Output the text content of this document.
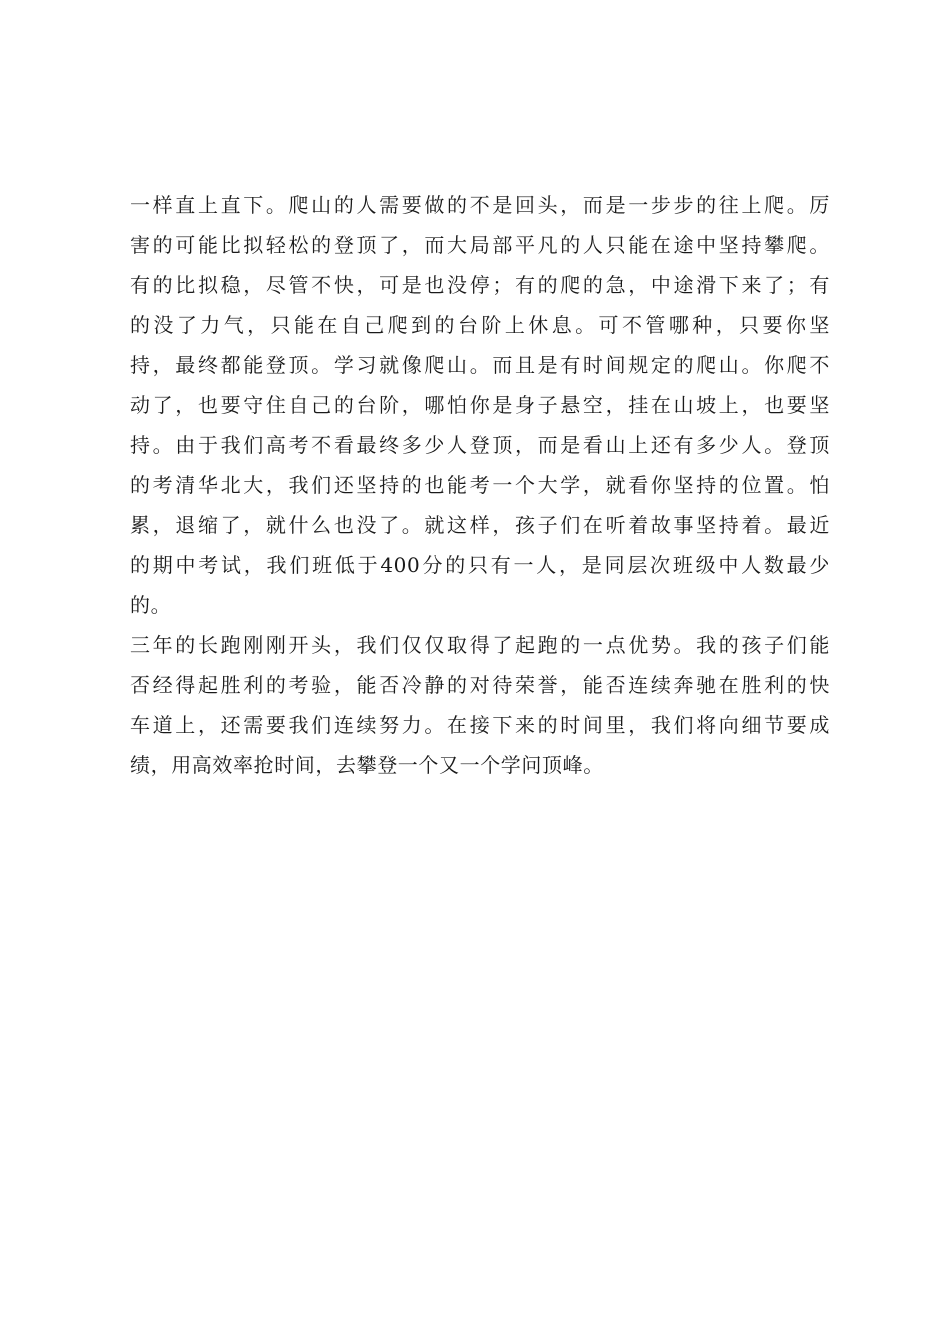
一样直上直下。爬山的人需要做的不是回头，而是一步步的往上爬。厉
害的可能比拟轻松的登顶了，而大局部平凡的人只能在途中坚持攀爬。
有的比拟稳，尽管不快，可是也没停；有的爬的急，中途滑下来了；有
的没了力气，只能在自己爬到的台阶上休息。可不管哪种，只要你坚
持，最终都能登顶。学习就像爬山。而且是有时间规定的爬山。你爬不
动了，也要守住自己的台阶，哪怕你是身子悬空，挂在山坡上，也要坚
持。由于我们高考不看最终多少人登顶，而是看山上还有多少人。登顶
的考清华北大，我们还坚持的也能考一个大学，就看你坚持的位置。怕
累，退缩了，就什么也没了。就这样，孩子们在听着故事坚持着。最近
的期中考试，我们班低于400分的只有一人，是同层次班级中人数最少
的。
三年的长跑刚刚开头，我们仅仅取得了起跑的一点优势。我的孩子们能
否经得起胜利的考验，能否冷静的对待荣誉，能否连续奔驰在胜利的快
车道上，还需要我们连续努力。在接下来的时间里，我们将向细节要成
绩，用高效率抢时间，去攀登一个又一个学问顶峰。
